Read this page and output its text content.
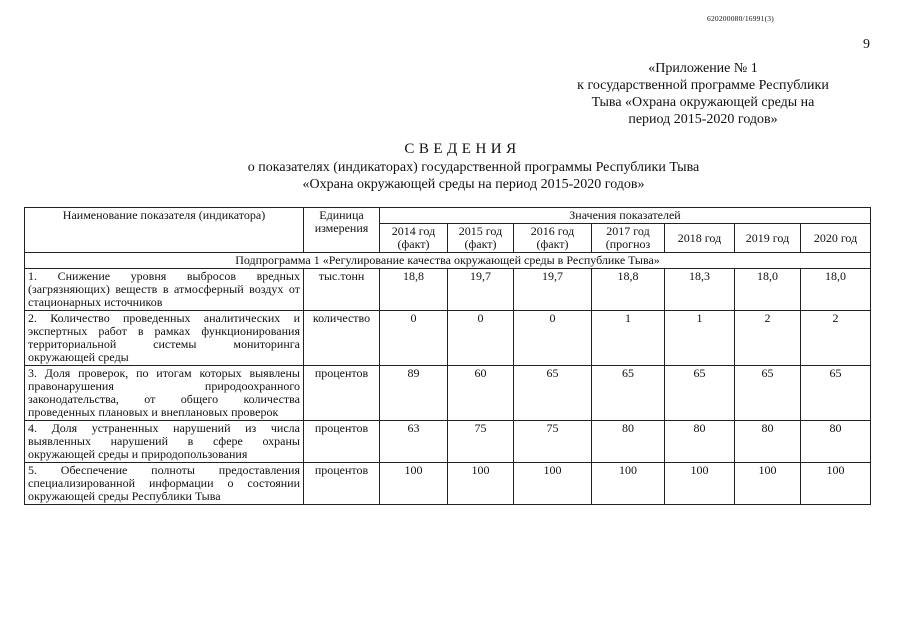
620200080/16991(3)
9
«Приложение № 1
к государственной программе Республики
Тыва «Охрана окружающей среды на
период 2015-2020 годов»
СВЕДЕНИЯ
о показателях (индикаторах) государственной программы Республики Тыва
«Охрана окружающей среды на период 2015-2020 годов»
Наименование показателя (индикатора)	Единица измерения	Значения показателей						
		2014 год (факт)	2015 год (факт)	2016 год (факт)	2017 год (прогноз	2018 год	2019 год	2020 год
Подпрограмма 1 «Регулирование качества окружающей среды в Республике Тыва»								
1. Снижение уровня выбросов вредных (загрязняющих) веществ в атмосферный воздух от стационарных источников	тыс.тонн	18,8	19,7	19,7	18,8	18,3	18,0	18,0
2. Количество проведенных аналитических и экспертных работ в рамках функционирования территориальной системы мониторинга окружающей среды	количество	0	0	0	1	1	2	2
3. Доля проверок, по итогам которых выявлены правонарушения природоохранного законодательства, от общего количества проведенных плановых и внеплановых проверок	процентов	89	60	65	65	65	65	65
4. Доля устраненных нарушений из числа выявленных нарушений в сфере охраны окружающей среды и природопользования	процентов	63	75	75	80	80	80	80
5. Обеспечение полноты предоставления специализированной информации о состоянии окружающей среды Республики Тыва	процентов	100	100	100	100	100	100	100
